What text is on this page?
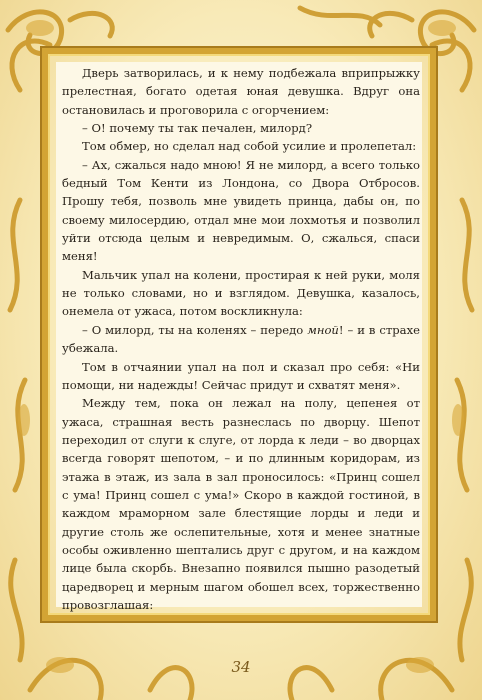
Дверь затворилась, и к нему подбежала вприпрыжку прелестная, богато одетая юная девушка. Вдруг она остановилась и проговорила с огорчением:

– О! почему ты так печален, милорд?

Том обмер, но сделал над собой усилие и пролепетал:

– Ах, сжалься надо мною! Я не милорд, а всего только бедный Том Кенти из Лондона, со Двора Отбросов. Прошу тебя, позволь мне увидеть принца, дабы он, по своему милосердию, отдал мне мои лохмотья и позволил уйти отсюда целым и невредимым. О, сжалься, спаси меня!

Мальчик упал на колени, простирая к ней руки, моля не только словами, но и взглядом. Девушка, казалось, онемела от ужаса, потом воскликнула:

– О милорд, ты на коленях – передо мной! – и в страхе убежала.

Том в отчаянии упал на пол и сказал про себя: «Ни помощи, ни надежды! Сейчас придут и схватят меня».

Между тем, пока он лежал на полу, цепенея от ужаса, страшная весть разнеслась по дворцу. Шепот переходил от слуги к слуге, от лорда к леди – во дворцах всегда говорят шепотом, – и по длинным коридорам, из этажа в этаж, из зала в зал проносилось: «Принц сошел с ума! Принц сошел с ума!» Скоро в каждой гостиной, в каждом мраморном зале блестящие лорды и леди и другие столь же ослепительные, хотя и менее знатные особы оживленно шептались друг с другом, и на каждом лице была скорбь. Внезапно появился пышно разодетый царедворец и мерным шагом обошел всех, торжественно провозглашая:

34
